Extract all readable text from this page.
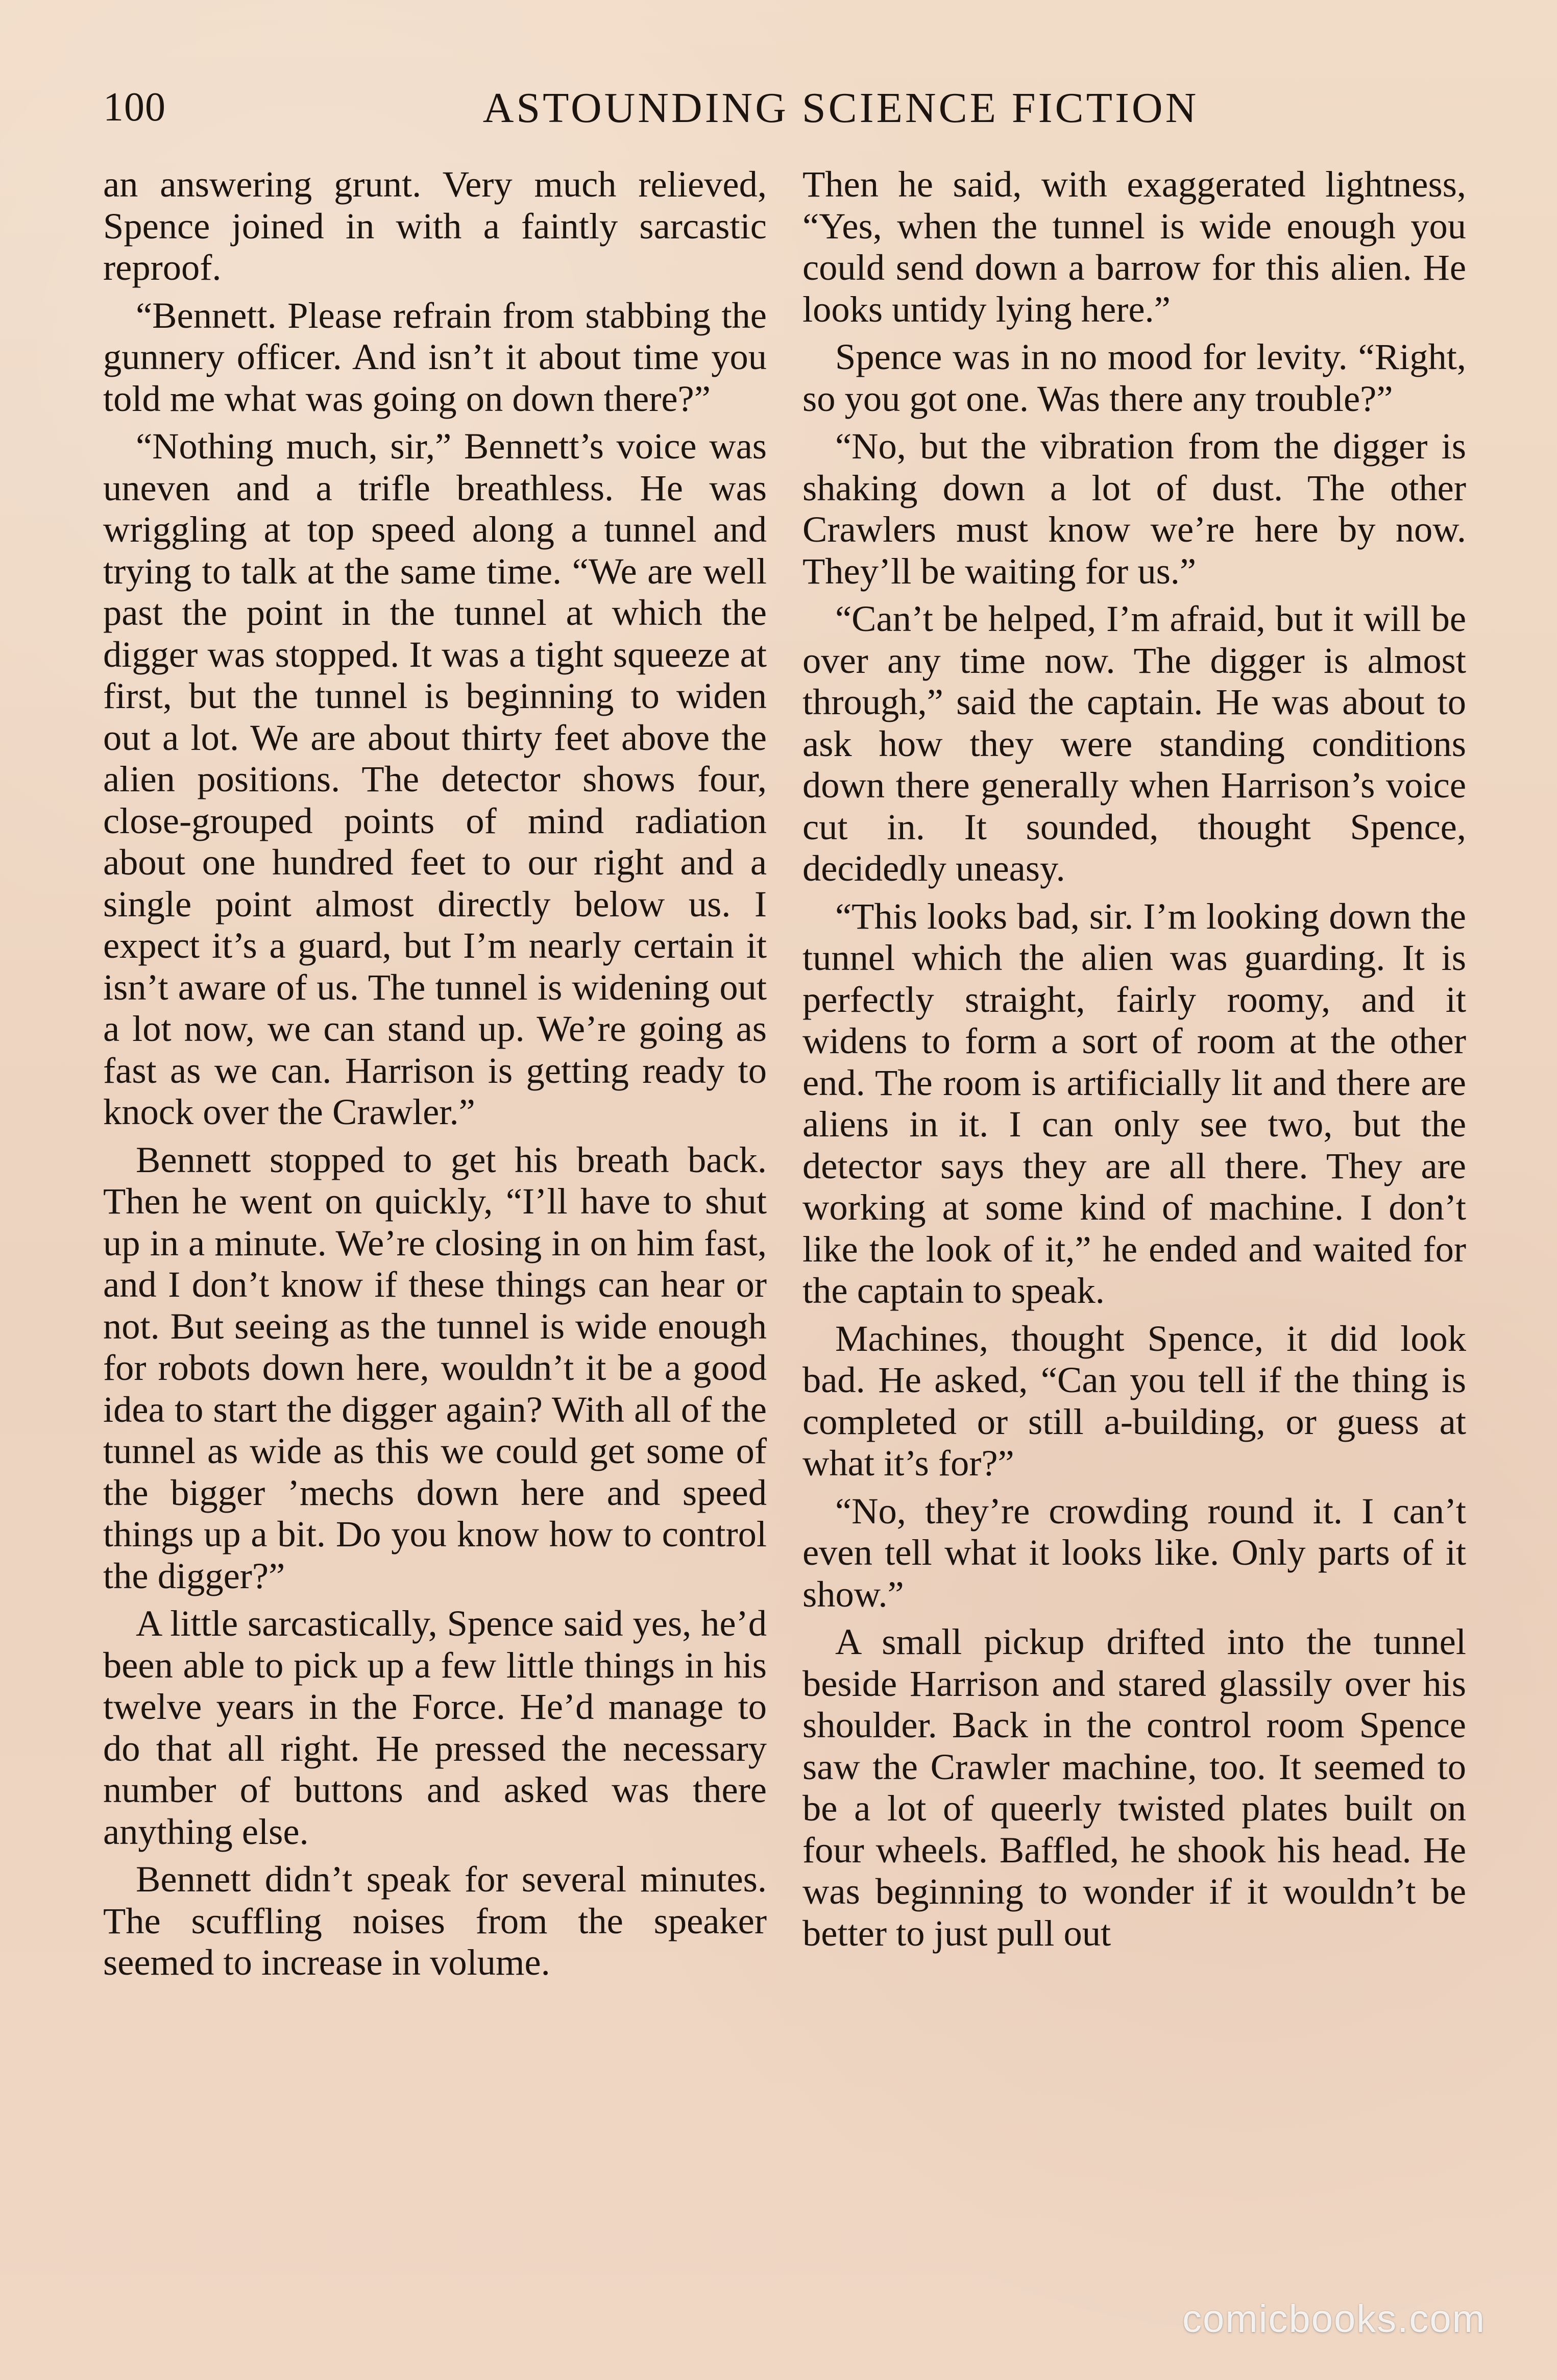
100	ASTOUNDING SCIENCE FICTION

an answering grunt. Very much relieved, Spence joined in with a faintly sarcastic reproof.

“Bennett. Please refrain from stabbing the gunnery officer. And isn’t it about time you told me what was going on down there?”

“Nothing much, sir,” Bennett’s voice was uneven and a trifle breathless. He was wriggling at top speed along a tunnel and trying to talk at the same time. “We are well past the point in the tunnel at which the digger was stopped. It was a tight squeeze at first, but the tunnel is beginning to widen out a lot. We are about thirty feet above the alien positions. The detector shows four, close-grouped points of mind radiation about one hundred feet to our right and a single point almost directly below us. I expect it’s a guard, but I’m nearly certain it isn’t aware of us. The tunnel is widening out a lot now, we can stand up. We’re going as fast as we can. Harrison is getting ready to knock over the Crawler.”

Bennett stopped to get his breath back. Then he went on quickly, “I’ll have to shut up in a minute. We’re closing in on him fast, and I don’t know if these things can hear or not. But seeing as the tunnel is wide enough for robots down here, wouldn’t it be a good idea to start the digger again? With all of the tunnel as wide as this we could get some of the bigger ’mechs down here and speed things up a bit. Do you know how to control the digger?”

A little sarcastically, Spence said yes, he’d been able to pick up a few little things in his twelve years in the Force. He’d manage to do that all right. He pressed the necessary number of buttons and asked was there anything else.

Bennett didn’t speak for several minutes. The scuffling noises from the speaker seemed to increase in volume.

Then he said, with exaggerated lightness, “Yes, when the tunnel is wide enough you could send down a barrow for this alien. He looks untidy lying here.”

Spence was in no mood for levity. “Right, so you got one. Was there any trouble?”

“No, but the vibration from the digger is shaking down a lot of dust. The other Crawlers must know we’re here by now. They’ll be waiting for us.”

“Can’t be helped, I’m afraid, but it will be over any time now. The digger is almost through,” said the captain. He was about to ask how they were standing conditions down there generally when Harrison’s voice cut in. It sounded, thought Spence, decidedly uneasy.

“This looks bad, sir. I’m looking down the tunnel which the alien was guarding. It is perfectly straight, fairly roomy, and it widens to form a sort of room at the other end. The room is artificially lit and there are aliens in it. I can only see two, but the detector says they are all there. They are working at some kind of machine. I don’t like the look of it,” he ended and waited for the captain to speak.

Machines, thought Spence, it did look bad. He asked, “Can you tell if the thing is completed or still a-building, or guess at what it’s for?”

“No, they’re crowding round it. I can’t even tell what it looks like. Only parts of it show.”

A small pickup drifted into the tunnel beside Harrison and stared glassily over his shoulder. Back in the control room Spence saw the Crawler machine, too. It seemed to be a lot of queerly twisted plates built on four wheels. Baffled, he shook his head. He was beginning to wonder if it wouldn’t be better to just pull out

comicbooks.com
